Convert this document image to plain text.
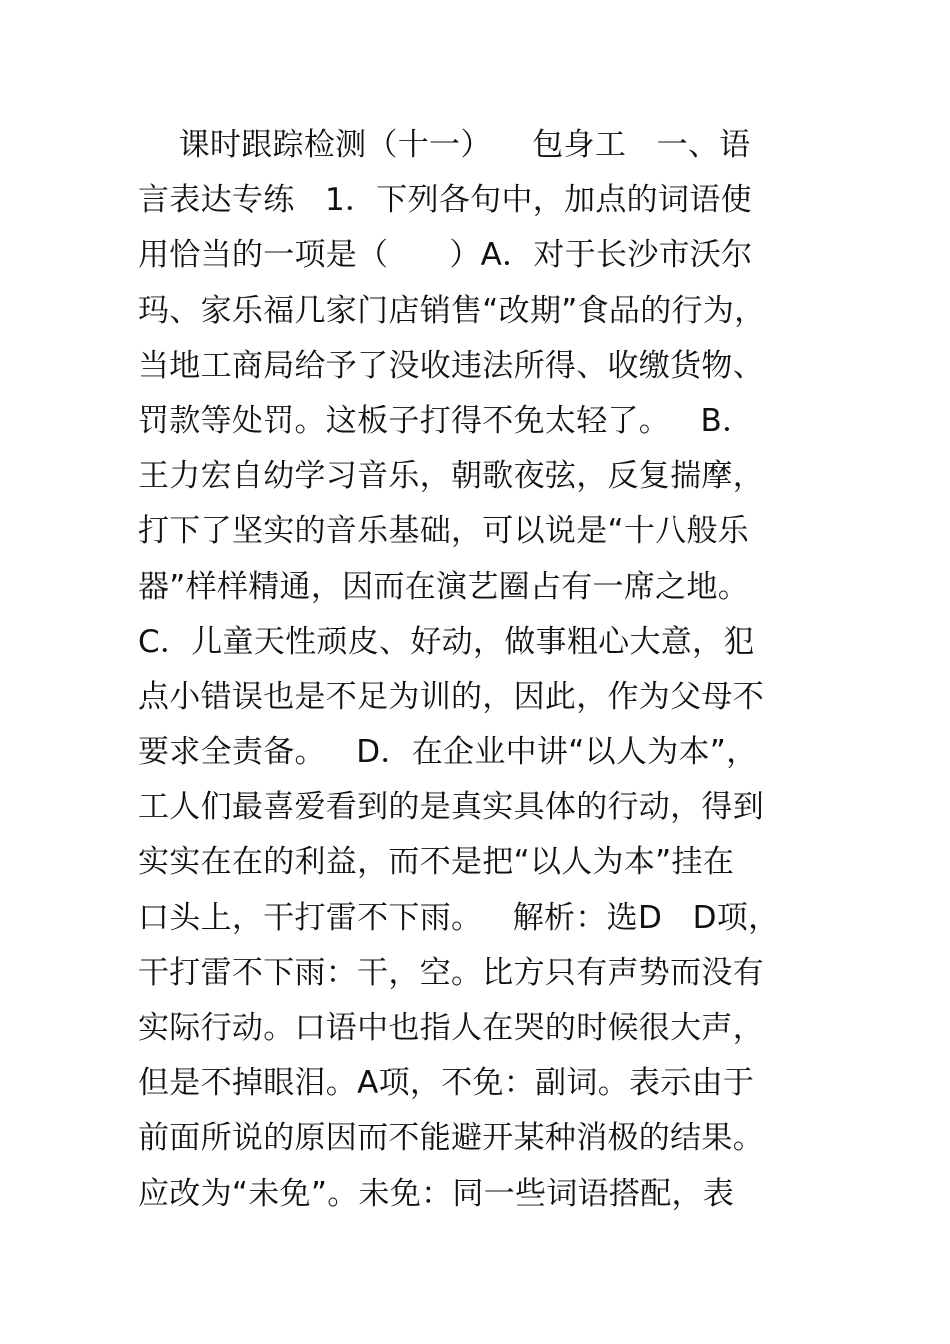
课时跟踪检测（十一）    包身工   一、语
言表达专练   1．下列各句中，加点的词语使
用恰当的一项是（      ）A．对于长沙市沃尔
玛、家乐福几家门店销售“改期”食品的行为，
当地工商局给予了没收违法所得、收缴货物、
罚款等处罚。这板子打得不免太轻了。   B．
王力宏自幼学习音乐，朝歌夜弦，反复揣摩，
打下了坚实的音乐基础，可以说是“十八般乐
器”样样精通，因而在演艺圈占有一席之地。
C．儿童天性顽皮、好动，做事粗心大意，犯
点小错误也是不足为训的，因此，作为父母不
要求全责备。   D．在企业中讲“以人为本”，
工人们最喜爱看到的是真实具体的行动，得到
实实在在的利益，而不是把“以人为本”挂在
口头上，干打雷不下雨。   解析：选D   D项，
干打雷不下雨：干，空。比方只有声势而没有
实际行动。口语中也指人在哭的时候很大声，
但是不掉眼泪。A项，不免：副词。表示由于
前面所说的原因而不能避开某种消极的结果。
应改为“未免”。未免：同一些词语搭配，表
